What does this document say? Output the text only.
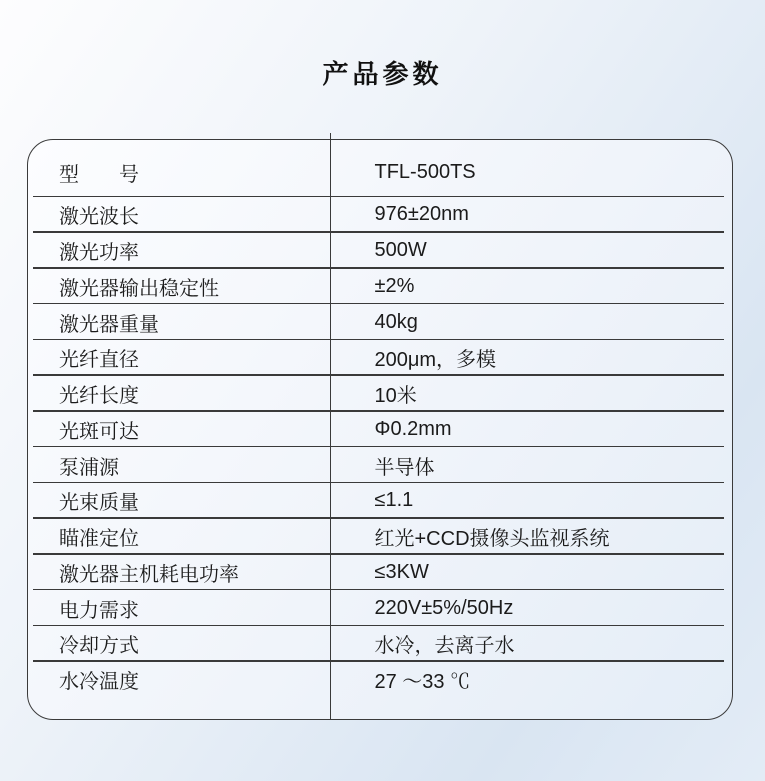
产品参数
型　　号	TFL-500TS
激光波长	976±20nm
激光功率	500W
激光器输出稳定性	±2%
激光器重量	40kg
光纤直径	200μm，多模
光纤长度	10米
光斑可达	Φ0.2mm
泵浦源	半导体
光束质量	≤1.1
瞄准定位	红光+CCD摄像头监视系统
激光器主机耗电功率	≤3KW
电力需求	220V±5%/50Hz
冷却方式	水冷，去离子水
水冷温度	27 ～33 ℃
